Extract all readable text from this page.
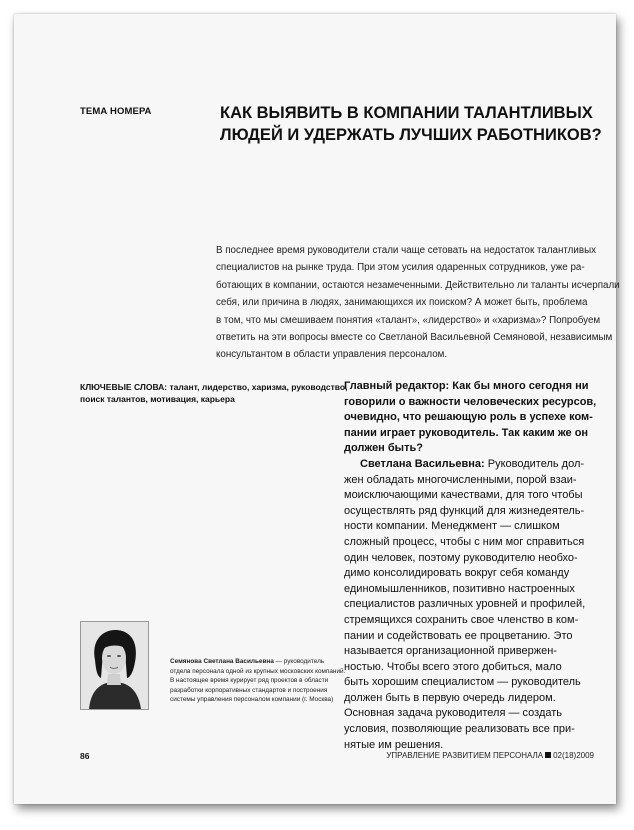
ТЕМА НОМЕРА	КАК ВЫЯВИТЬ В КОМПАНИИ ТАЛАНТЛИВЫХ
ЛЮДЕЙ И УДЕРЖАТЬ ЛУЧШИХ РАБОТНИКОВ?
В последнее время руководители стали чаще сетовать на недостаток талантливых
специалистов на рынке труда. При этом усилия одаренных сотрудников, уже ра-
ботающих в компании, остаются незамеченными. Действительно ли таланты исчерпали
себя, или причина в людях, занимающихся их поиском? А может быть, проблема
в том, что мы смешиваем понятия «талант», «лидерство» и «харизма»? Попробуем
ответить на эти вопросы вместе со Светланой Васильевной Семяновой, независимым
консультантом в области управления персоналом.
КЛЮЧЕВЫЕ СЛОВА: талант, лидерство, харизма, руководство,
поиск талантов, мотивация, карьера
Главный редактор: Как бы много сегодня ни
говорили о важности человеческих ресурсов,
очевидно, что решающую роль в успехе ком-
пании играет руководитель. Так каким же он
должен быть?
Светлана Васильевна: Руководитель дол-
жен обладать многочисленными, порой взаи-
моисключающими качествами, для того чтобы
осуществлять ряд функций для жизнедеятель-
ности компании. Менеджмент — слишком
сложный процесс, чтобы с ним мог справиться
один человек, поэтому руководителю необхо-
димо консолидировать вокруг себя команду
единомышленников, позитивно настроенных
специалистов различных уровней и профилей,
стремящихся сохранить свое членство в ком-
пании и содействовать ее процветанию. Это
называется организационной привержен-
ностью. Чтобы всего этого добиться, мало
быть хорошим специалистом — руководитель
должен быть в первую очередь лидером.
Основная задача руководителя — создать
условия, позволяющие реализовать все при-
нятые им решения.
Семянова Светлана Васильевна — руководитель
отдела персонала одной из крупных московских компаний.
В настоящее время курирует ряд проектов в области
разработки корпоративных стандартов и построения
системы управления персоналом компании (г. Москва)
86	УПРАВЛЕНИЕ РАЗВИТИЕМ ПЕРСОНАЛА 02(18)2009
